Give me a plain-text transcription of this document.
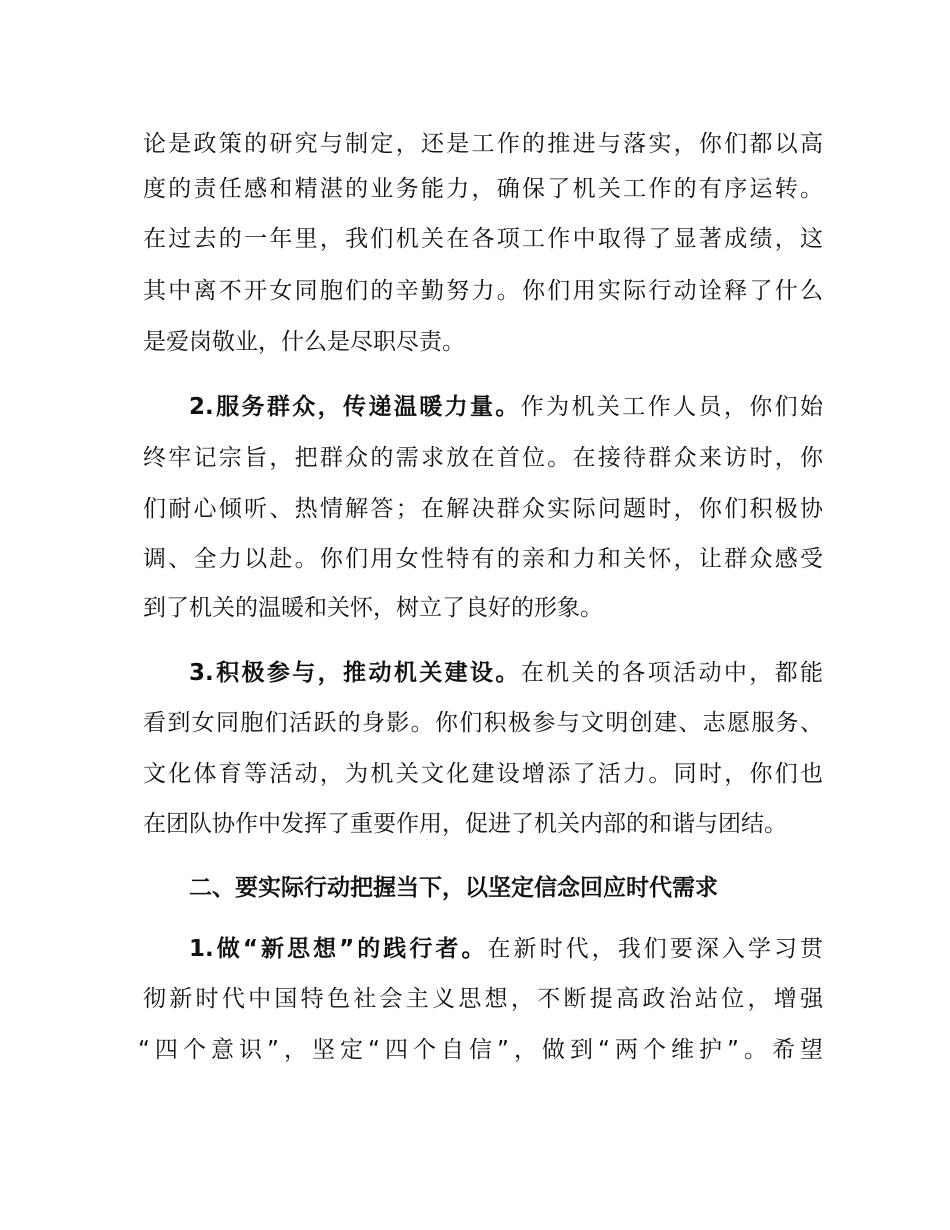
论是政策的研究与制定，还是工作的推进与落实，你们都以高
度的责任感和精湛的业务能力，确保了机关工作的有序运转。
在过去的一年里，我们机关在各项工作中取得了显著成绩，这
其中离不开女同胞们的辛勤努力。你们用实际行动诠释了什么
是爱岗敬业，什么是尽职尽责。
2.服务群众，传递温暖力量。作为机关工作人员，你们始
终牢记宗旨，把群众的需求放在首位。在接待群众来访时，你
们耐心倾听、热情解答；在解决群众实际问题时，你们积极协
调、全力以赴。你们用女性特有的亲和力和关怀，让群众感受
到了机关的温暖和关怀，树立了良好的形象。
3.积极参与，推动机关建设。在机关的各项活动中，都能
看到女同胞们活跃的身影。你们积极参与文明创建、志愿服务、
文化体育等活动，为机关文化建设增添了活力。同时，你们也
在团队协作中发挥了重要作用，促进了机关内部的和谐与团结。
二、要实际行动把握当下，以坚定信念回应时代需求
1.做“新思想”的践行者。在新时代，我们要深入学习贯
彻新时代中国特色社会主义思想，不断提高政治站位，增强
“四个意识”，坚定“四个自信”，做到“两个维护”。希望
